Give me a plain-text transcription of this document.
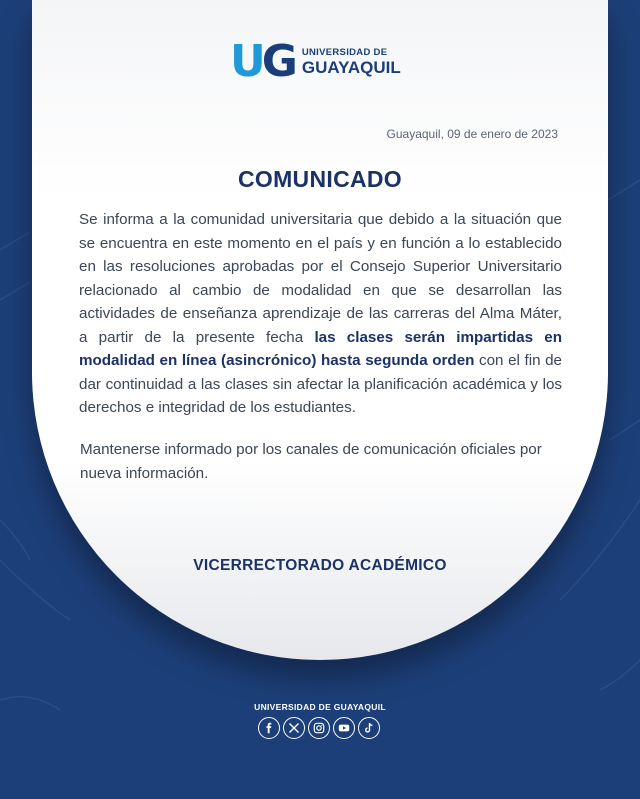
UG UNIVERSIDAD DE
GUAYAQUIL
Guayaquil, 09 de enero de 2023
COMUNICADO
Se informa a la comunidad universitaria que debido a la situación que se encuentra en este momento en el país y en función a lo establecido en las resoluciones aprobadas por el Consejo Superior Universitario relacionado al cambio de modalidad en que se desarrollan las actividades de enseñanza aprendizaje de las carreras del Alma Máter, a partir de la presente fecha las clases serán impartidas en modalidad en línea (asincrónico) hasta segunda orden con el fin de dar continuidad a las clases sin afectar la planificación académica y los derechos e integridad de los estudiantes.
Mantenerse informado por los canales de comunicación oficiales por nueva información.
VICERRECTORADO ACADÉMICO
UNIVERSIDAD DE GUAYAQUIL
